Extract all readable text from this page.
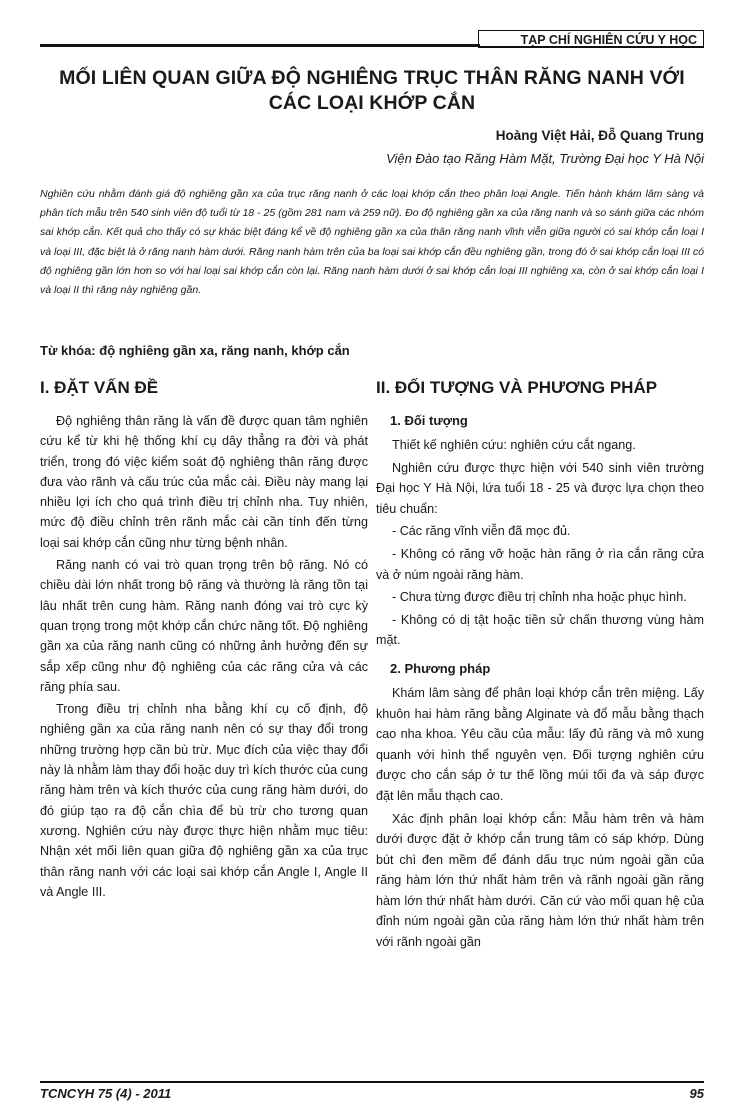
TẠP CHÍ NGHIÊN CỨU Y HỌC
MỐI LIÊN QUAN GIỮA ĐỘ NGHIÊNG TRỤC THÂN RĂNG NANH VỚI CÁC LOẠI KHỚP CẮN
Hoàng Việt Hải, Đỗ Quang Trung
Viện Đào tạo Răng Hàm Mặt, Trường Đại học Y Hà Nội
Nghiên cứu nhằm đánh giá độ nghiêng gần xa của trục răng nanh ở các loại khớp cắn theo phân loại Angle. Tiến hành khám lâm sàng và phân tích mẫu trên 540 sinh viên độ tuổi từ 18 - 25 (gồm 281 nam và 259 nữ). Đo độ nghiêng gần xa của răng nanh và so sánh giữa các nhóm sai khớp cắn. Kết quả cho thấy có sự khác biệt đáng kể về độ nghiêng gần xa của thân răng nanh vĩnh viễn giữa người có sai khớp cắn loại I và loại III, đặc biệt là ở răng nanh hàm dưới. Răng nanh hàm trên của ba loại sai khớp cắn đều nghiêng gần, trong đó ở sai khớp cắn loại III có độ nghiêng gần lớn hơn so với hai loại sai khớp cắn còn lại. Răng nanh hàm dưới ở sai khớp cắn loại III nghiêng xa, còn ở sai khớp cắn loại I và loại II thì răng này nghiêng gần.
Từ khóa: độ nghiêng gần xa, răng nanh, khớp cắn
I. ĐẶT VẤN ĐỀ

Độ nghiêng thân răng là vấn đề được quan tâm nghiên cứu kể từ khi hệ thống khí cụ dây thẳng ra đời và phát triển, trong đó việc kiểm soát độ nghiêng thân răng được đưa vào rãnh và cấu trúc của mắc cài. Điều này mang lại nhiều lợi ích cho quá trình điều trị chỉnh nha. Tuy nhiên, mức độ điều chỉnh trên rãnh mắc cài cần tính đến từng loại sai khớp cắn cũng như từng bệnh nhân.

Răng nanh có vai trò quan trọng trên bộ răng. Nó có chiều dài lớn nhất trong bộ răng và thường là răng tồn tại lâu nhất trên cung hàm. Răng nanh đóng vai trò cực kỳ quan trọng trong một khớp cắn chức năng tốt. Độ nghiêng gần xa của răng nanh cũng có những ảnh hưởng đến sự sắp xếp cũng như độ nghiêng của các răng cửa và các răng phía sau.

Trong điều trị chỉnh nha bằng khí cụ cố định, độ nghiêng gần xa của răng nanh nên có sự thay đổi trong những trường hợp cần bù trừ. Mục đích của việc thay đổi này là nhằm làm thay đổi hoặc duy trì kích thước của cung răng hàm trên và kích thước của cung răng hàm dưới, do đó giúp tạo ra độ cắn chìa để bù trừ cho tương quan xương. Nghiên cứu này được thực hiện nhằm mục tiêu: Nhận xét mối liên quan giữa độ nghiêng gần xa của trục thân răng nanh với các loại sai khớp cắn Angle I, Angle II và Angle III.

II. ĐỐI TƯỢNG VÀ PHƯƠNG PHÁP
1. Đối tượng

Thiết kế nghiên cứu: nghiên cứu cắt ngang.

Nghiên cứu được thực hiện với 540 sinh viên trường Đại học Y Hà Nội, lứa tuổi 18 - 25 và được lựa chọn theo tiêu chuẩn:

- Các răng vĩnh viễn đã mọc đủ.

- Không có răng vỡ hoặc hàn răng ở rìa cắn răng cửa và ở núm ngoài răng hàm.

- Chưa từng được điều trị chỉnh nha hoặc phục hình.

- Không có dị tật hoặc tiền sử chấn thương vùng hàm mặt.

2. Phương pháp

Khám lâm sàng để phân loại khớp cắn trên miệng. Lấy khuôn hai hàm răng bằng Alginate và đổ mẫu bằng thạch cao nha khoa. Yêu cầu của mẫu: lấy đủ răng và mô xung quanh với hình thể nguyên vẹn. Đối tượng nghiên cứu được cho cắn sáp ở tư thế lồng múi tối đa và sáp được đặt lên mẫu thạch cao.

Xác định phân loại khớp cắn: Mẫu hàm trên và hàm dưới được đặt ở khớp cắn trung tâm có sáp khớp. Dùng bút chì đen mềm để đánh dấu trục núm ngoài gần của răng hàm lớn thứ nhất hàm trên và rãnh ngoài gần răng hàm lớn thứ nhất hàm dưới. Căn cứ vào mối quan hệ của đỉnh núm ngoài gần của răng hàm lớn thứ nhất hàm trên với rãnh ngoài gần

TCNCYH 75 (4) - 2011	95
